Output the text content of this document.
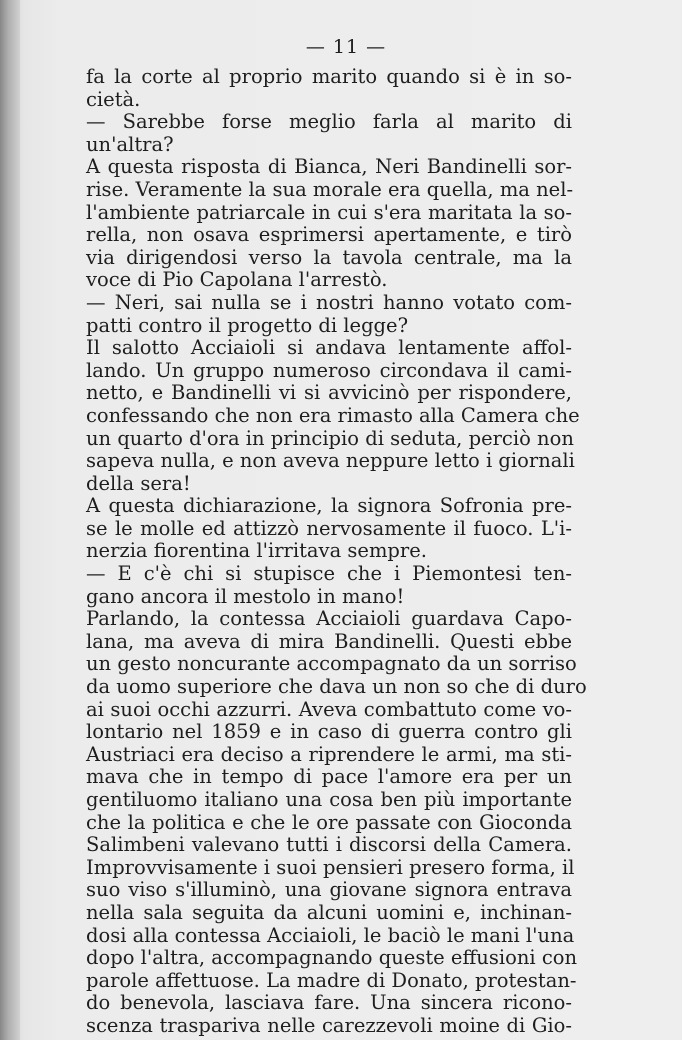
— 11 —
fa la corte al proprio marito quando si è in so-
cietà.
— Sarebbe forse meglio farla al marito di
un'altra?
A questa risposta di Bianca, Neri Bandinelli sor-
rise. Veramente la sua morale era quella, ma nel-
l'ambiente patriarcale in cui s'era maritata la so-
rella, non osava esprimersi apertamente, e tirò
via dirigendosi verso la tavola centrale, ma la
voce di Pio Capolana l'arrestò.
— Neri, sai nulla se i nostri hanno votato com-
patti contro il progetto di legge?
Il salotto Acciaioli si andava lentamente affol-
lando. Un gruppo numeroso circondava il cami-
netto, e Bandinelli vi si avvicinò per rispondere,
confessando che non era rimasto alla Camera che
un quarto d'ora in principio di seduta, perciò non
sapeva nulla, e non aveva neppure letto i giornali
della sera!
A questa dichiarazione, la signora Sofronia pre-
se le molle ed attizzò nervosamente il fuoco. L'i-
nerzia fiorentina l'irritava sempre.
— E c'è chi si stupisce che i Piemontesi ten-
gano ancora il mestolo in mano!
Parlando, la contessa Acciaioli guardava Capo-
lana, ma aveva di mira Bandinelli. Questi ebbe
un gesto noncurante accompagnato da un sorriso
da uomo superiore che dava un non so che di duro
ai suoi occhi azzurri. Aveva combattuto come vo-
lontario nel 1859 e in caso di guerra contro gli
Austriaci era deciso a riprendere le armi, ma sti-
mava che in tempo di pace l'amore era per un
gentiluomo italiano una cosa ben più importante
che la politica e che le ore passate con Gioconda
Salimbeni valevano tutti i discorsi della Camera.
Improvvisamente i suoi pensieri presero forma, il
suo viso s'illuminò, una giovane signora entrava
nella sala seguita da alcuni uomini e, inchinan-
dosi alla contessa Acciaioli, le baciò le mani l'una
dopo l'altra, accompagnando queste effusioni con
parole affettuose. La madre di Donato, protestan-
do benevola, lasciava fare. Una sincera ricono-
scenza traspariva nelle carezzevoli moine di Gio-
